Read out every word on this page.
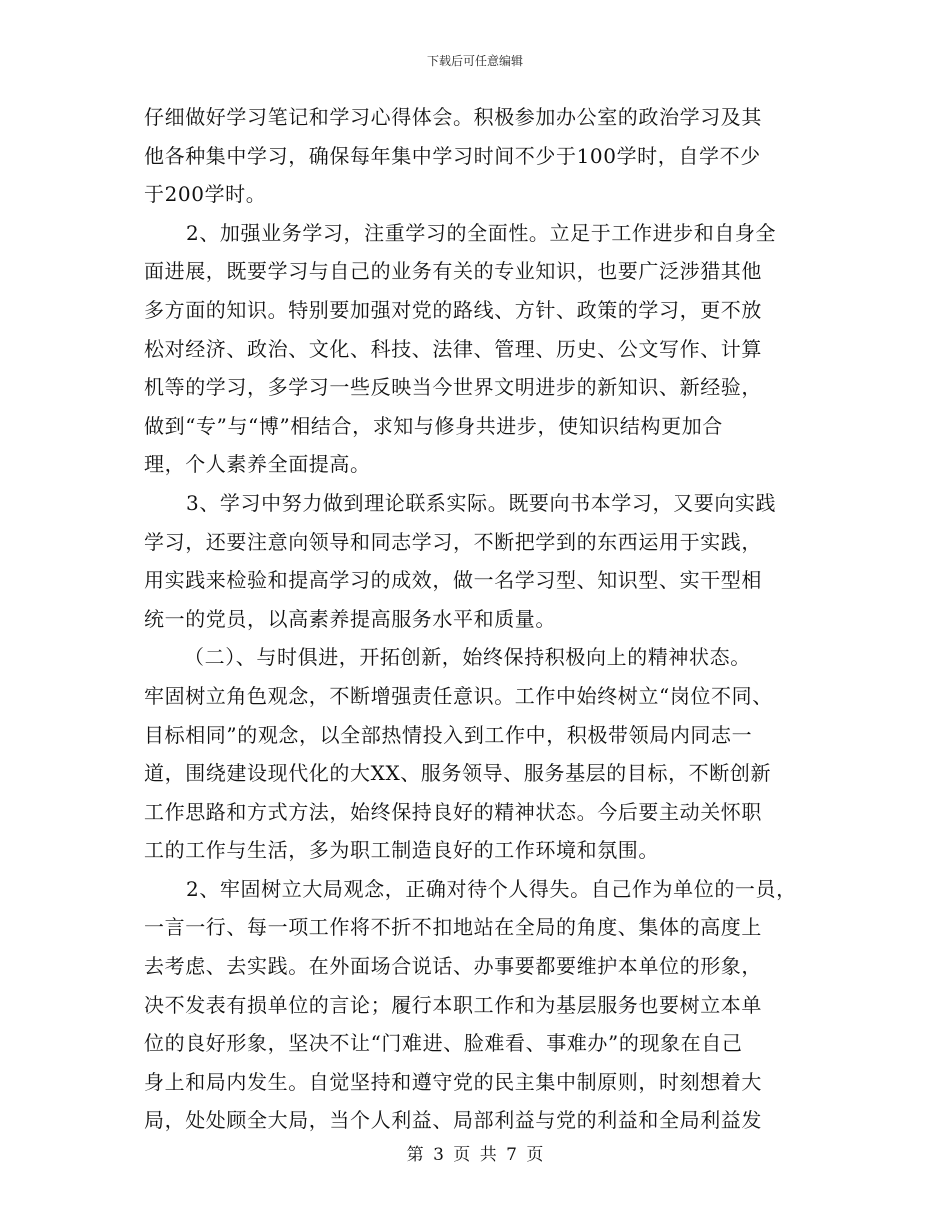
下载后可任意编辑
仔细做好学习笔记和学习心得体会。积极参加办公室的政治学习及其
他各种集中学习，确保每年集中学习时间不少于100学时，自学不少
于200学时。
2、加强业务学习，注重学习的全面性。立足于工作进步和自身全
面进展，既要学习与自己的业务有关的专业知识，也要广泛涉猎其他
多方面的知识。特别要加强对党的路线、方针、政策的学习，更不放
松对经济、政治、文化、科技、法律、管理、历史、公文写作、计算
机等的学习，多学习一些反映当今世界文明进步的新知识、新经验，
做到“专”与“博”相结合，求知与修身共进步，使知识结构更加合
理，个人素养全面提高。
3、学习中努力做到理论联系实际。既要向书本学习，又要向实践
学习，还要注意向领导和同志学习，不断把学到的东西运用于实践，
用实践来检验和提高学习的成效，做一名学习型、知识型、实干型相
统一的党员，以高素养提高服务水平和质量。
（二）、与时俱进，开拓创新，始终保持积极向上的精神状态。
牢固树立角色观念，不断增强责任意识。工作中始终树立“岗位不同、
目标相同”的观念，以全部热情投入到工作中，积极带领局内同志一
道，围绕建设现代化的大XX、服务领导、服务基层的目标，不断创新
工作思路和方式方法，始终保持良好的精神状态。今后要主动关怀职
工的工作与生活，多为职工制造良好的工作环境和氛围。
2、牢固树立大局观念，正确对待个人得失。自己作为单位的一员，
一言一行、每一项工作将不折不扣地站在全局的角度、集体的高度上
去考虑、去实践。在外面场合说话、办事要都要维护本单位的形象，
决不发表有损单位的言论；履行本职工作和为基层服务也要树立本单
位的良好形象，坚决不让“门难进、脸难看、事难办”的现象在自己
身上和局内发生。自觉坚持和遵守党的民主集中制原则，时刻想着大
局，处处顾全大局，当个人利益、局部利益与党的利益和全局利益发
第 3 页 共 7 页
